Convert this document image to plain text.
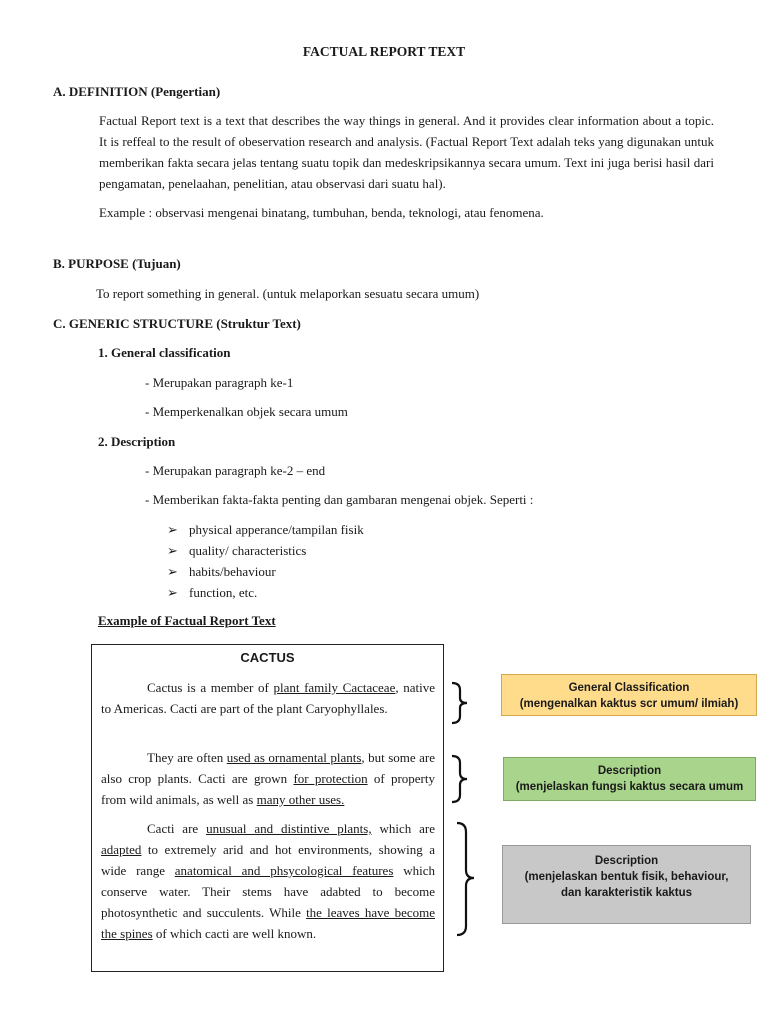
FACTUAL REPORT TEXT
A. DEFINITION (Pengertian)
Factual Report text is a text that describes the way things in general. And it provides clear information about a topic. It is reffeal to the result of obeservation research and analysis. (Factual Report Text adalah teks yang digunakan untuk memberikan fakta secara jelas tentang suatu topik dan medeskripsikannya secara umum. Text ini juga berisi hasil dari pengamatan, penelaahan, penelitian, atau observasi dari suatu hal).
Example : observasi mengenai binatang, tumbuhan, benda, teknologi, atau fenomena.
B. PURPOSE (Tujuan)
To report something in general. (untuk melaporkan sesuatu secara umum)
C. GENERIC STRUCTURE (Struktur Text)
1. General classification
- Merupakan paragraph ke-1
- Memperkenalkan objek secara umum
2. Description
- Merupakan paragraph ke-2 – end
- Memberikan fakta-fakta penting dan gambaran mengenai objek. Seperti :
➢ physical apperance/tampilan fisik
➢ quality/ characteristics
➢ habits/behaviour
➢ function, etc.
Example of Factual Report Text
CACTUS
Cactus is a member of plant family Cactaceae, native to Americas. Cacti are part of the plant Caryophyllales.
They are often used as ornamental plants, but some are also crop plants. Cacti are grown for protection of property from wild animals, as well as many other uses.
Cacti are unusual and distintive plants, which are adapted to extremely arid and hot environments, showing a wide range anatomical and phsycological features which conserve water. Their stems have adabted to become photosynthetic and succulents. While the leaves have become the spines of which cacti are well known.
General Classification
(mengenalkan kaktus scr umum/ ilmiah)
Description
(menjelaskan fungsi kaktus secara umum
Description
(menjelaskan bentuk fisik, behaviour,
dan karakteristik kaktus
